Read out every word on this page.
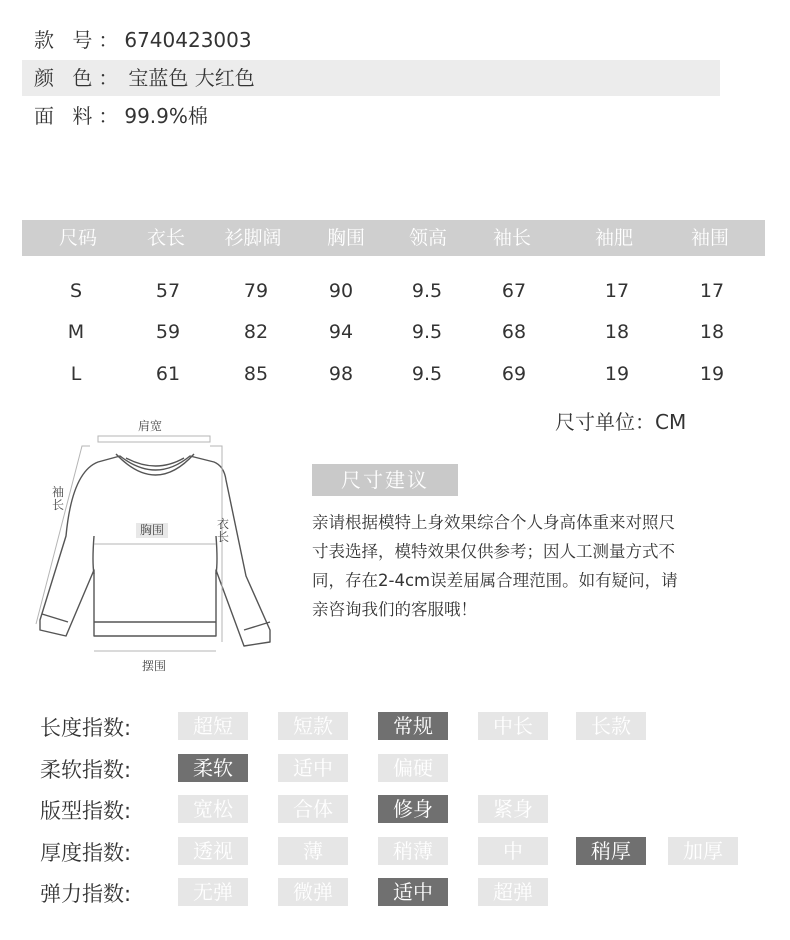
款 号：6740423003
颜 色： 宝蓝色 大红色
面 料：99.9%棉
尺码	衣长	衫脚阔	胸围	领高	袖长	袖肥	袖围
S	57	79	90	9.5	67	17	17
M	59	82	94	9.5	68	18	18
L	61	85	98	9.5	69	19	19
尺寸单位：CM
肩宽
袖长
胸围	衣长
摆围
尺寸建议
亲请根据模特上身效果综合个人身高体重来对照尺
寸表选择，模特效果仅供参考；因人工测量方式不
同，存在2-4cm误差届属合理范围。如有疑问，请
亲咨询我们的客服哦！
长度指数:	超短	短款	常规	中长	长款
柔软指数:	柔软	适中	偏硬
版型指数:	宽松	合体	修身	紧身
厚度指数:	透视	薄	稍薄	中	稍厚	加厚
弹力指数:	无弹	微弹	适中	超弹
